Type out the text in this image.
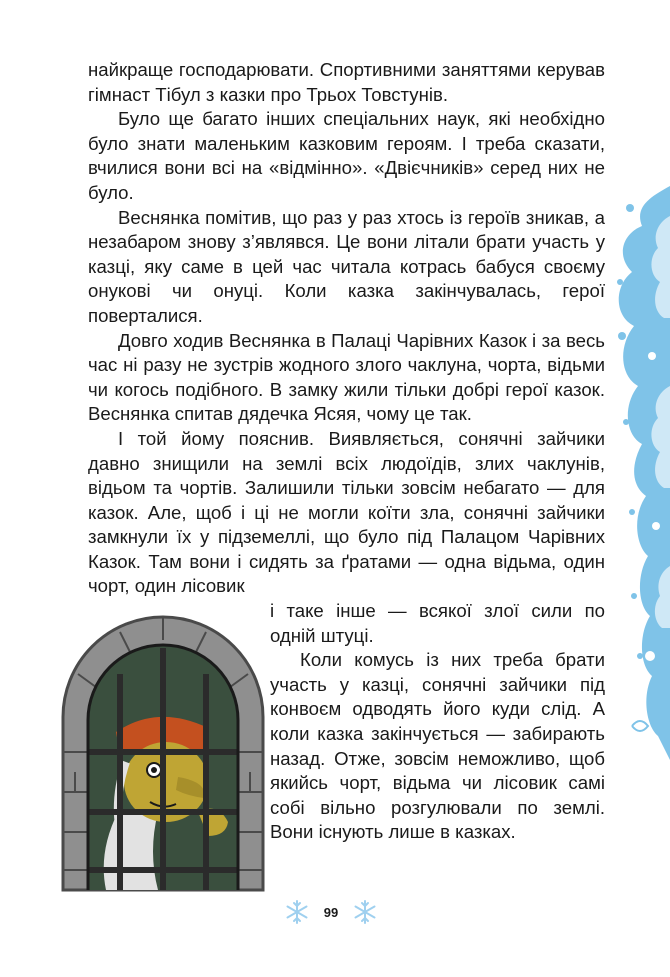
найкраще господарювати. Спортивними заняттями керував гімнаст Тібул з казки про Трьох Товстунів.

Було ще багато інших спеціальних наук, які необхідно було знати маленьким казковим героям. І треба сказати, вчилися вони всі на «відмінно». «Двієчників» серед них не було.

Веснянка помітив, що раз у раз хтось із героїв зникав, а незабаром знову з’являвся. Це вони літали брати участь у казці, яку саме в цей час читала котрась бабуся своєму онукові чи онуці. Коли казка закінчувалась, герої поверталися.

Довго ходив Веснянка в Палаці Чарівних Казок і за весь час ні разу не зустрів жодного злого чаклуна, чорта, відьми чи когось подібного. В замку жили тільки добрі герої казок. Веснянка спитав дядечка Ясяя, чому це так.

І той йому пояснив. Виявляється, сонячні зайчики давно знищили на землі всіх людоїдів, злих чаклунів, відьом та чортів. Залишили тільки зовсім небагато — для казок. Але, щоб і ці не могли коїти зла, сонячні зайчики замкнули їх у підземеллі, що було під Палацом Чарівних Казок. Там вони і сидять за ґратами — одна відьма, один чорт, один лісовик

і таке інше — всякої злої сили по одній штуці.

Коли комусь із них треба брати участь у казці, сонячні зайчики під конвоєм одводять його куди слід. А коли казка закінчується — забирають назад. Отже, зовсім неможливо, щоб якийсь чорт, відьма чи лісовик самі собі вільно розгулювали по землі. Вони існують лише в казках.

99
